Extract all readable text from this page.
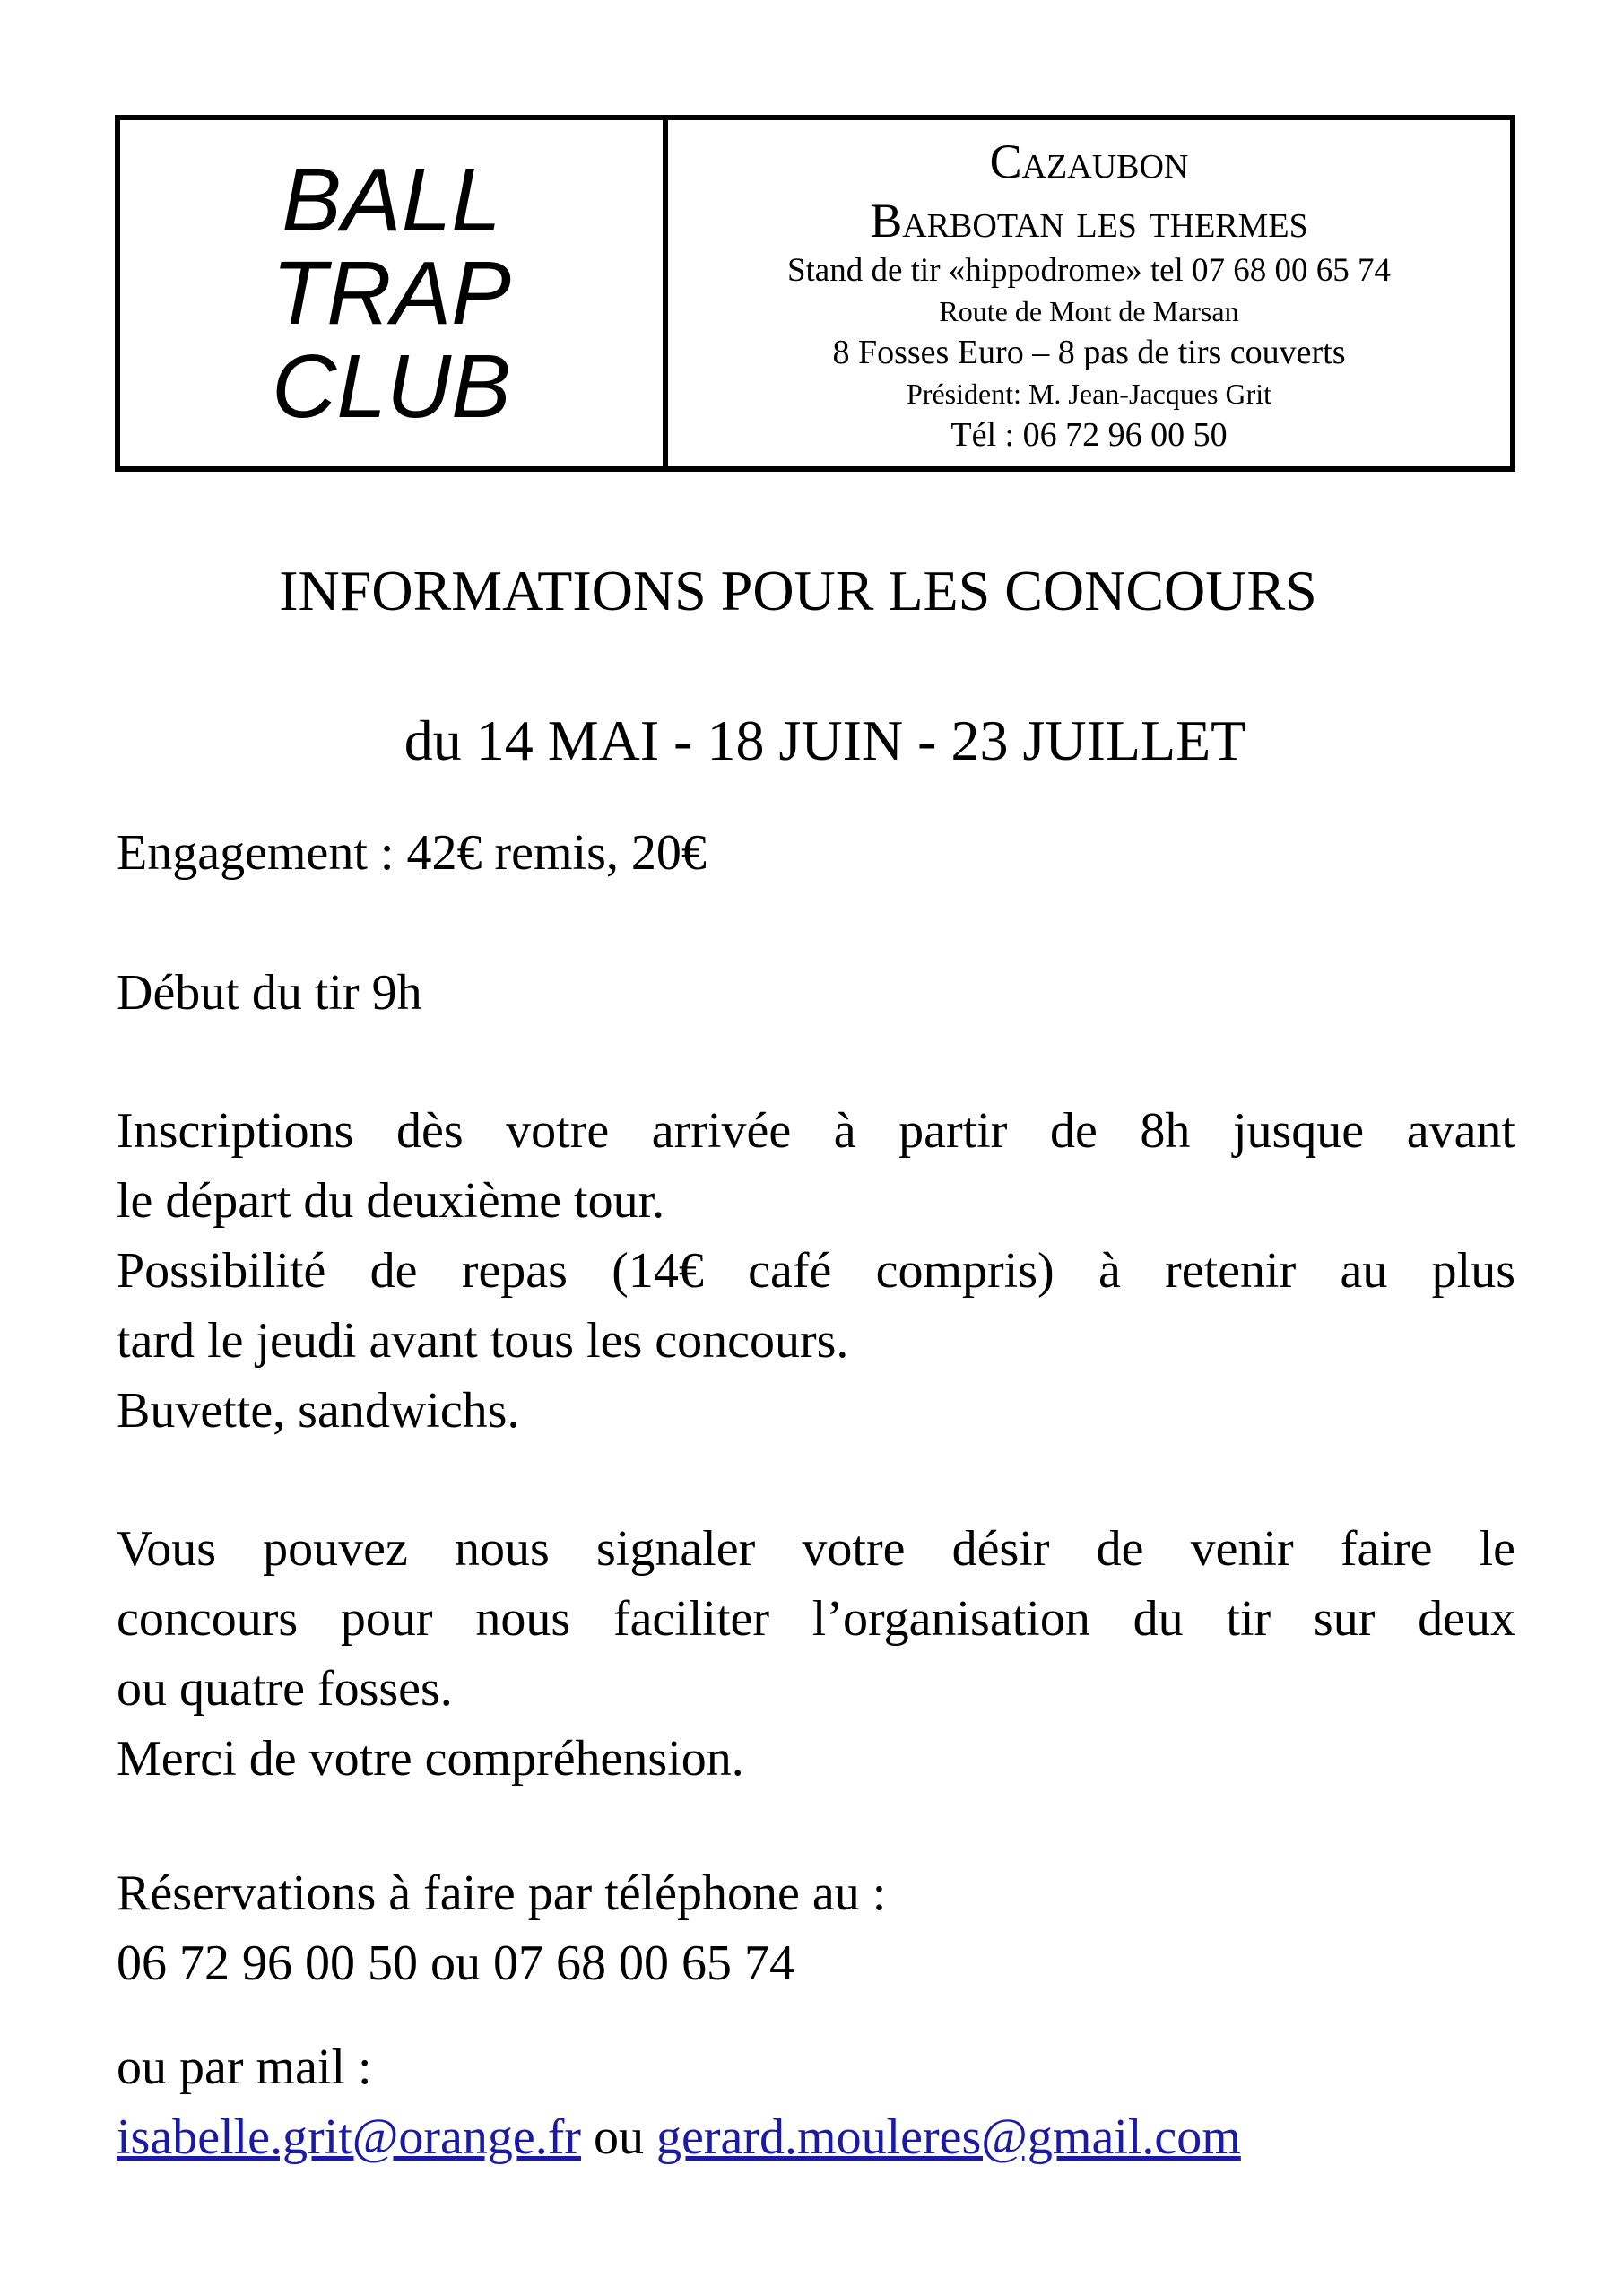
BALL
TRAP
CLUB
Cazaubon
Barbotan les thermes
Stand de tir «hippodrome» tel 07 68 00 65 74
Route de Mont de Marsan
8 Fosses Euro – 8 pas de tirs couverts
Président: M. Jean-Jacques Grit
Tél : 06 72 96 00 50
INFORMATIONS POUR LES CONCOURS
du 14 MAI - 18 JUIN - 23 JUILLET
Engagement : 42€ remis, 20€
Début du tir 9h
Inscriptions dès votre arrivée à partir de 8h jusque avant
le départ du deuxième tour.
Possibilité de repas (14€ café compris) à retenir au plus
tard le jeudi avant tous les concours.
Buvette, sandwichs.
Vous pouvez nous signaler votre désir de venir faire le
concours pour nous faciliter l’organisation du tir sur deux
ou quatre fosses.
Merci de votre compréhension.
Réservations à faire par téléphone au :
06 72 96 00 50 ou 07 68 00 65 74
ou par mail :
isabelle.grit@orange.fr ou gerard.mouleres@gmail.com
